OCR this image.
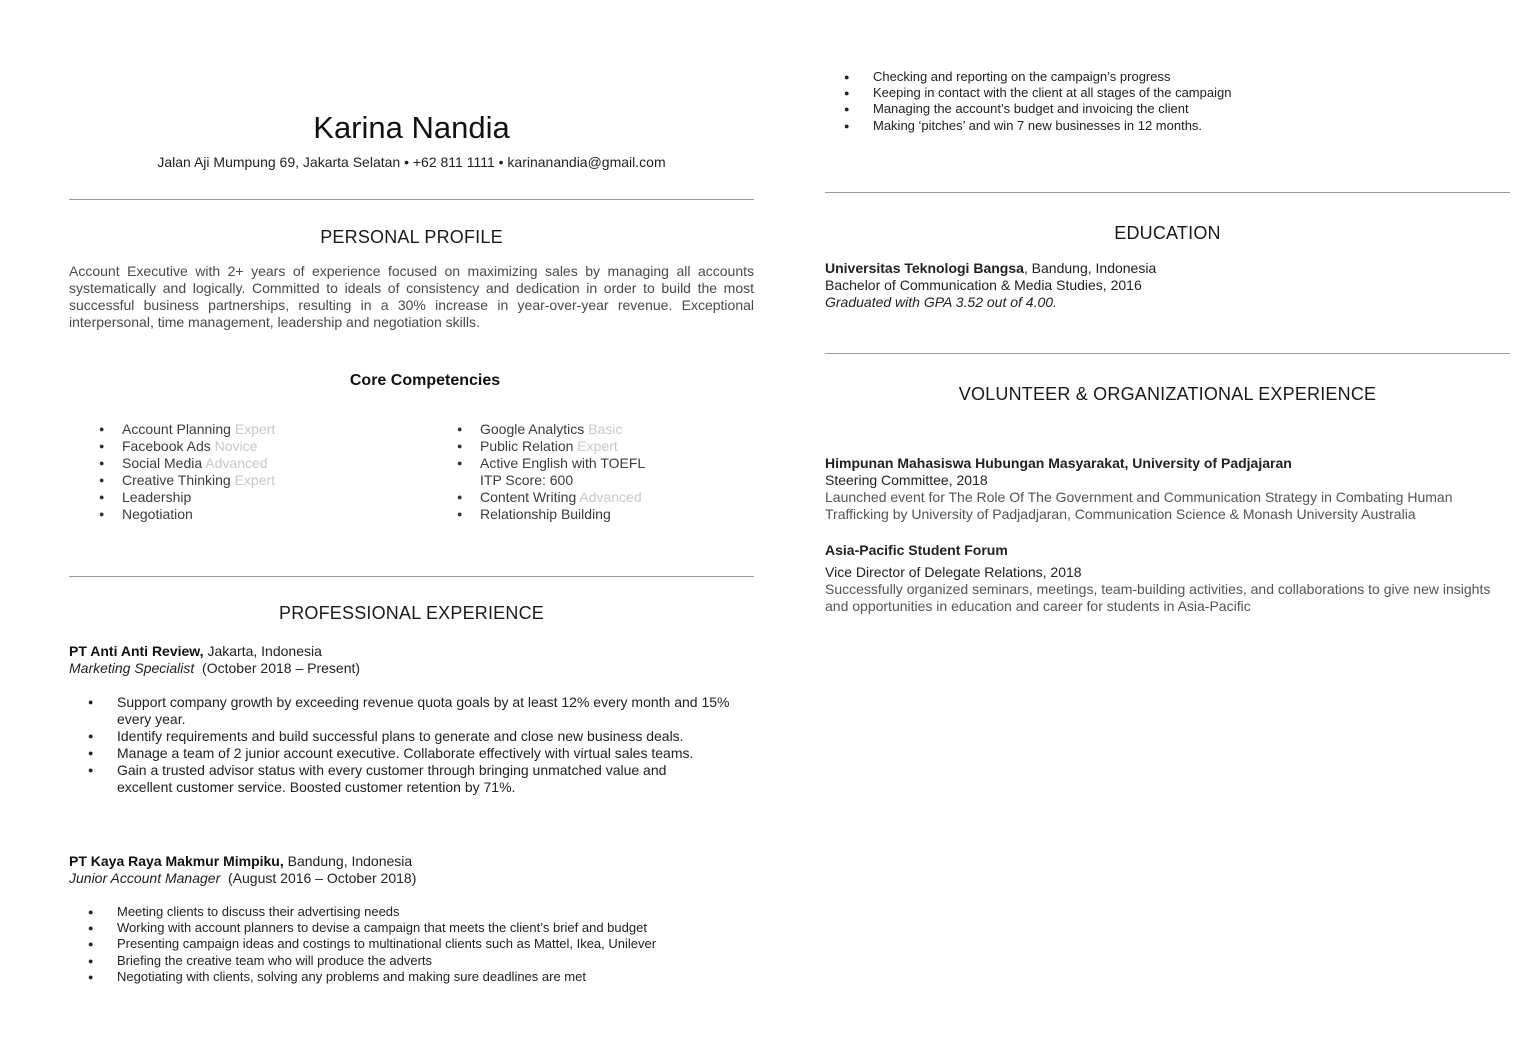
Karina Nandia
Jalan Aji Mumpung 69, Jakarta Selatan • +62 811 1111 • karinanandia@gmail.com
PERSONAL PROFILE
Account Executive with 2+ years of experience focused on maximizing sales by managing all accounts systematically and logically. Committed to ideals of consistency and dedication in order to build the most successful business partnerships, resulting in a 30% increase in year-over-year revenue. Exceptional interpersonal, time management, leadership and negotiation skills.
Core Competencies
● Account Planning Expert
● Facebook Ads Novice
● Social Media Advanced
● Creative Thinking Expert
● Leadership
● Negotiation
● Google Analytics Basic
● Public Relation Expert
● Active English with TOEFL ITP Score: 600
● Content Writing Advanced
● Relationship Building
PROFESSIONAL EXPERIENCE
PT Anti Anti Review, Jakarta, Indonesia
Marketing Specialist  (October 2018 – Present)
● Support company growth by exceeding revenue quota goals by at least 12% every month and 15% every year.
● Identify requirements and build successful plans to generate and close new business deals.
● Manage a team of 2 junior account executive. Collaborate effectively with virtual sales teams.
● Gain a trusted advisor status with every customer through bringing unmatched value and excellent customer service. Boosted customer retention by 71%.
PT Kaya Raya Makmur Mimpiku, Bandung, Indonesia
Junior Account Manager  (August 2016 – October 2018)
● Meeting clients to discuss their advertising needs
● Working with account planners to devise a campaign that meets the client’s brief and budget
● Presenting campaign ideas and costings to multinational clients such as Mattel, Ikea, Unilever
● Briefing the creative team who will produce the adverts
● Negotiating with clients, solving any problems and making sure deadlines are met
● Checking and reporting on the campaign’s progress
● Keeping in contact with the client at all stages of the campaign
● Managing the account’s budget and invoicing the client
● Making ‘pitches’ and win 7 new businesses in 12 months.
EDUCATION
Universitas Teknologi Bangsa, Bandung, Indonesia
Bachelor of Communication & Media Studies, 2016
Graduated with GPA 3.52 out of 4.00.
VOLUNTEER & ORGANIZATIONAL EXPERIENCE
Himpunan Mahasiswa Hubungan Masyarakat, University of Padjajaran
Steering Committee, 2018
Launched event for The Role Of The Government and Communication Strategy in Combating Human Trafficking by University of Padjadjaran, Communication Science & Monash University Australia
Asia-Pacific Student Forum
Vice Director of Delegate Relations, 2018
Successfully organized seminars, meetings, team-building activities, and collaborations to give new insights and opportunities in education and career for students in Asia-Pacific
